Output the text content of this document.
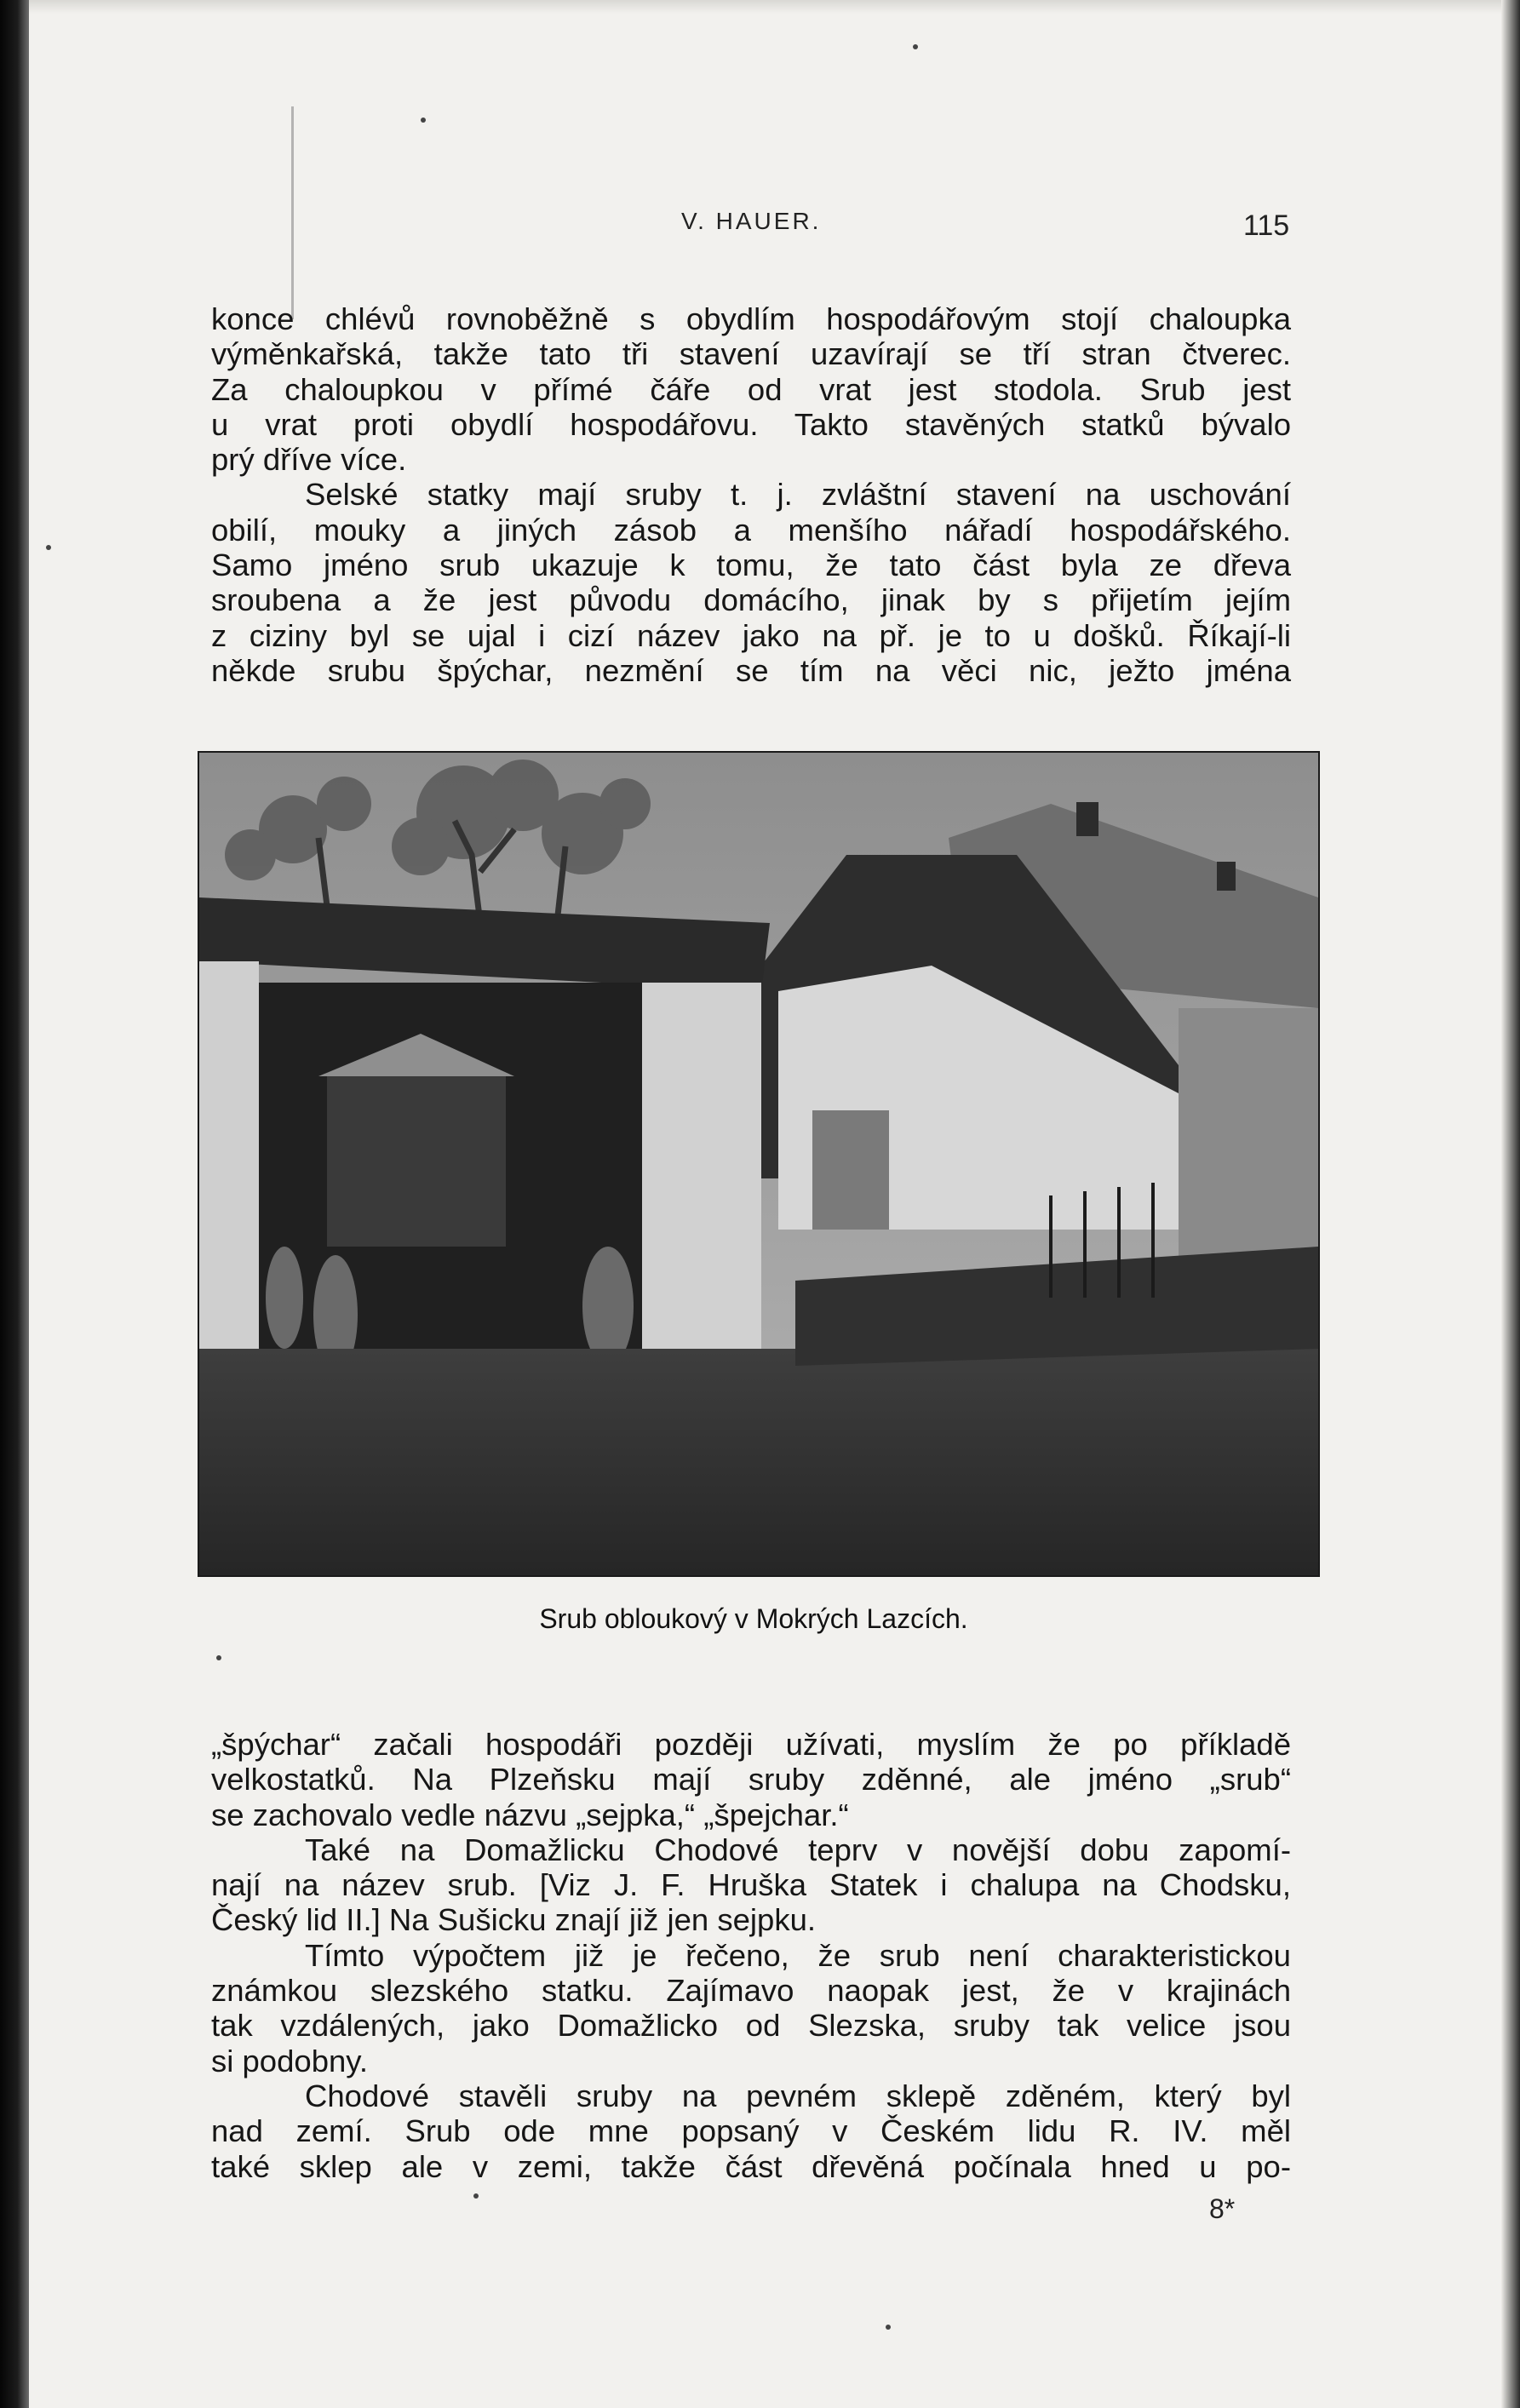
V. HAUER.	115
konce chlévů rovnoběžně s obydlím hospodářovým stojí chaloupka
výměnkařská, takže tato tři stavení uzavírají se tří stran čtverec.
Za chaloupkou v přímé čáře od vrat jest stodola. Srub jest
u vrat proti obydlí hospodářovu. Takto stavěných statků bývalo
prý dříve více.
Selské statky mají sruby t. j. zvláštní stavení na uschování
obilí, mouky a jiných zásob a menšího nářadí hospodářského.
Samo jméno srub ukazuje k tomu, že tato část byla ze dřeva
sroubena a že jest původu domácího, jinak by s přijetím jejím
z ciziny byl se ujal i cizí název jako na př. je to u došků. Říkají-li
někde srubu špýchar, nezmění se tím na věci nic, ježto jména
Srub obloukový v Mokrých Lazcích.
„špýchar“ začali hospodáři později užívati, myslím že po příkladě
velkostatků. Na Plzeňsku mají sruby zděnné, ale jméno „srub“
se zachovalo vedle názvu „sejpka,“ „špejchar.“
Také na Domažlicku Chodové teprv v novější dobu zapomí-
nají na název srub. [Viz J. F. Hruška Statek i chalupa na Chodsku,
Český lid II.] Na Sušicku znají již jen sejpku.
Tímto výpočtem již je řečeno, že srub není charakteristickou
známkou slezského statku. Zajímavo naopak jest, že v krajinách
tak vzdálených, jako Domažlicko od Slezska, sruby tak velice jsou
si podobny.
Chodové stavěli sruby na pevném sklepě zděném, který byl
nad zemí. Srub ode mne popsaný v Českém lidu R. IV. měl
také sklep ale v zemi, takže část dřevěná počínala hned u po-
8*
